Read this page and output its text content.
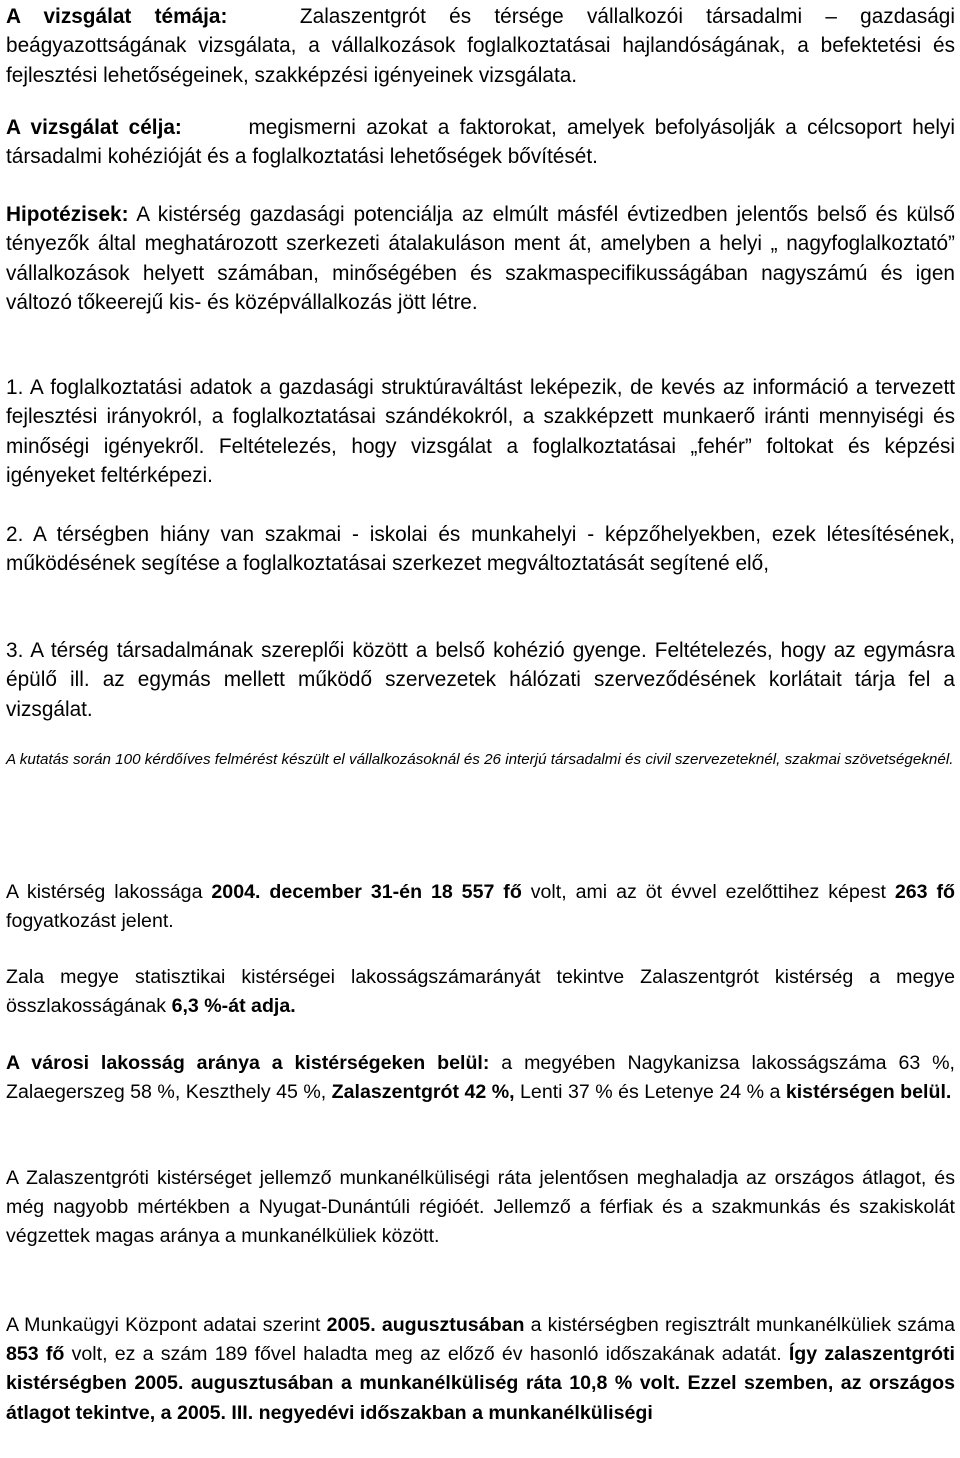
A vizsgálat témája:	Zalaszentgrót és térsége vállalkozói társadalmi – gazdasági beágyazottságának vizsgálata, a vállalkozások foglalkoztatásai hajlandóságának, a befektetési és fejlesztési lehetőségeinek, szakképzési igényeinek vizsgálata.

A vizsgálat célja:	megismerni azokat a faktorokat, amelyek befolyásolják a célcsoport helyi társadalmi kohézióját és a foglalkoztatási lehetőségek bővítését.

Hipotézisek: A kistérség gazdasági potenciálja az elmúlt másfél évtizedben jelentős belső és külső tényezők által meghatározott szerkezeti átalakuláson ment át, amelyben a helyi „ nagyfoglalkoztató” vállalkozások helyett számában, minőségében és szakmaspecifikusságában nagyszámú és igen változó tőkeerejű kis- és középvállalkozás jött létre.

1. A foglalkoztatási adatok a gazdasági struktúraváltást leképezik, de kevés az információ a tervezett fejlesztési irányokról, a foglalkoztatásai szándékokról, a szakképzett munkaerő iránti mennyiségi és minőségi igényekről. Feltételezés, hogy vizsgálat a foglalkoztatásai „fehér” foltokat és képzési igényeket feltérképezi.

2. A térségben hiány van szakmai - iskolai és munkahelyi - képzőhelyekben, ezek létesítésének, működésének segítése a foglalkoztatásai szerkezet megváltoztatását segítené elő,

3. A térség társadalmának szereplői között a belső kohézió gyenge. Feltételezés, hogy az egymásra épülő ill. az egymás mellett működő szervezetek hálózati szerveződésének korlátait tárja fel a vizsgálat.

A kutatás során 100 kérdőíves felmérést készült el vállalkozásoknál és 26 interjú társadalmi és civil szervezeteknél, szakmai szövetségeknél.

A kistérség lakossága 2004. december 31-én 18 557 fő volt, ami az öt évvel ezelőttihez képest 263 fő fogyatkozást jelent.

Zala megye statisztikai kistérségei lakosságszámarányát tekintve Zalaszentgrót kistérség a megye összlakosságának 6,3 %-át adja.

A városi lakosság aránya a kistérségeken belül: a megyében Nagykanizsa lakosságszáma 63 %, Zalaegerszeg 58 %, Keszthely 45 %, Zalaszentgrót 42 %, Lenti 37 % és Letenye 24 % a kistérségen belül.

A Zalaszentgróti kistérséget jellemző munkanélküliségi ráta jelentősen meghaladja az országos átlagot, és még nagyobb mértékben a Nyugat-Dunántúli régióét. Jellemző a férfiak és a szakmunkás és szakiskolát végzettek magas aránya a munkanélküliek között.

A Munkaügyi Központ adatai szerint 2005. augusztusában a kistérségben regisztrált munkanélküliek száma 853 fő volt, ez a szám 189 fővel haladta meg az előző év hasonló időszakának adatát. Így zalaszentgróti kistérségben 2005. augusztusában a munkanélküliség ráta 10,8 % volt. Ezzel szemben, az országos átlagot tekintve, a 2005. III. negyedévi időszakban a munkanélküliségi
